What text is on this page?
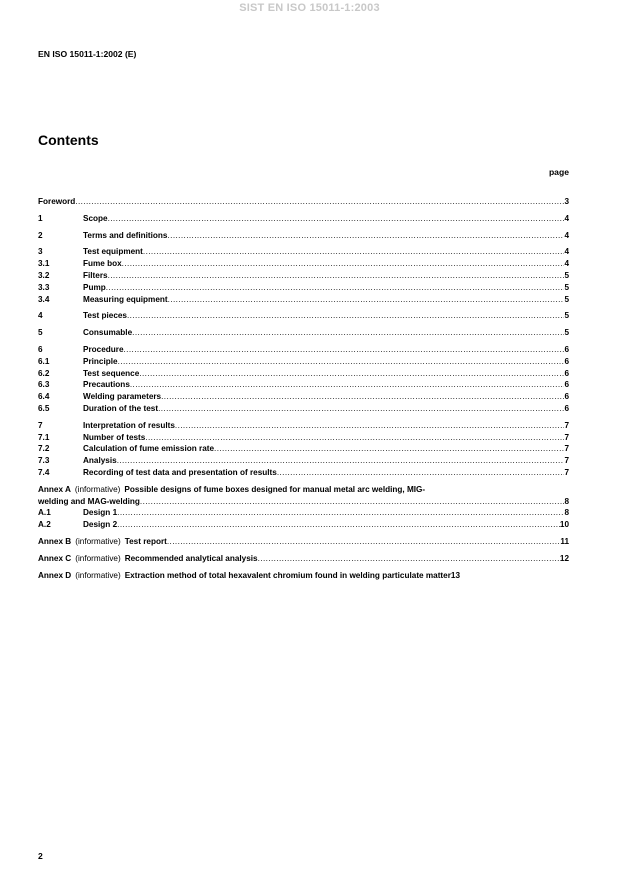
SIST EN ISO 15011-1:2003
EN ISO 15011-1:2002 (E)
Contents
page
Foreword .....	3
1	Scope .....	4
2	Terms and definitions .....	4
3	Test equipment .....	4
3.1	Fume box .....	4
3.2	Filters .....	5
3.3	Pump .....	5
3.4	Measuring equipment .....	5
4	Test pieces .....	5
5	Consumable .....	5
6	Procedure .....	6
6.1	Principle .....	6
6.2	Test sequence .....	6
6.3	Precautions .....	6
6.4	Welding parameters .....	6
6.5	Duration of the test .....	6
7	Interpretation of results .....	7
7.1	Number of tests .....	7
7.2	Calculation of fume emission rate .....	7
7.3	Analysis .....	7
7.4	Recording of test data and presentation of results .....	7
Annex A (informative) Possible designs of fume boxes designed for manual metal arc welding, MIG-
welding and MAG-welding .....	8
A.1	Design 1 .....	8
A.2	Design 2 .....	10
Annex B (informative) Test report .....	11
Annex C (informative) Recommended analytical analysis .....	12
Annex D (informative) Extraction method of total hexavalent chromium found in welding particulate matter 13
2
